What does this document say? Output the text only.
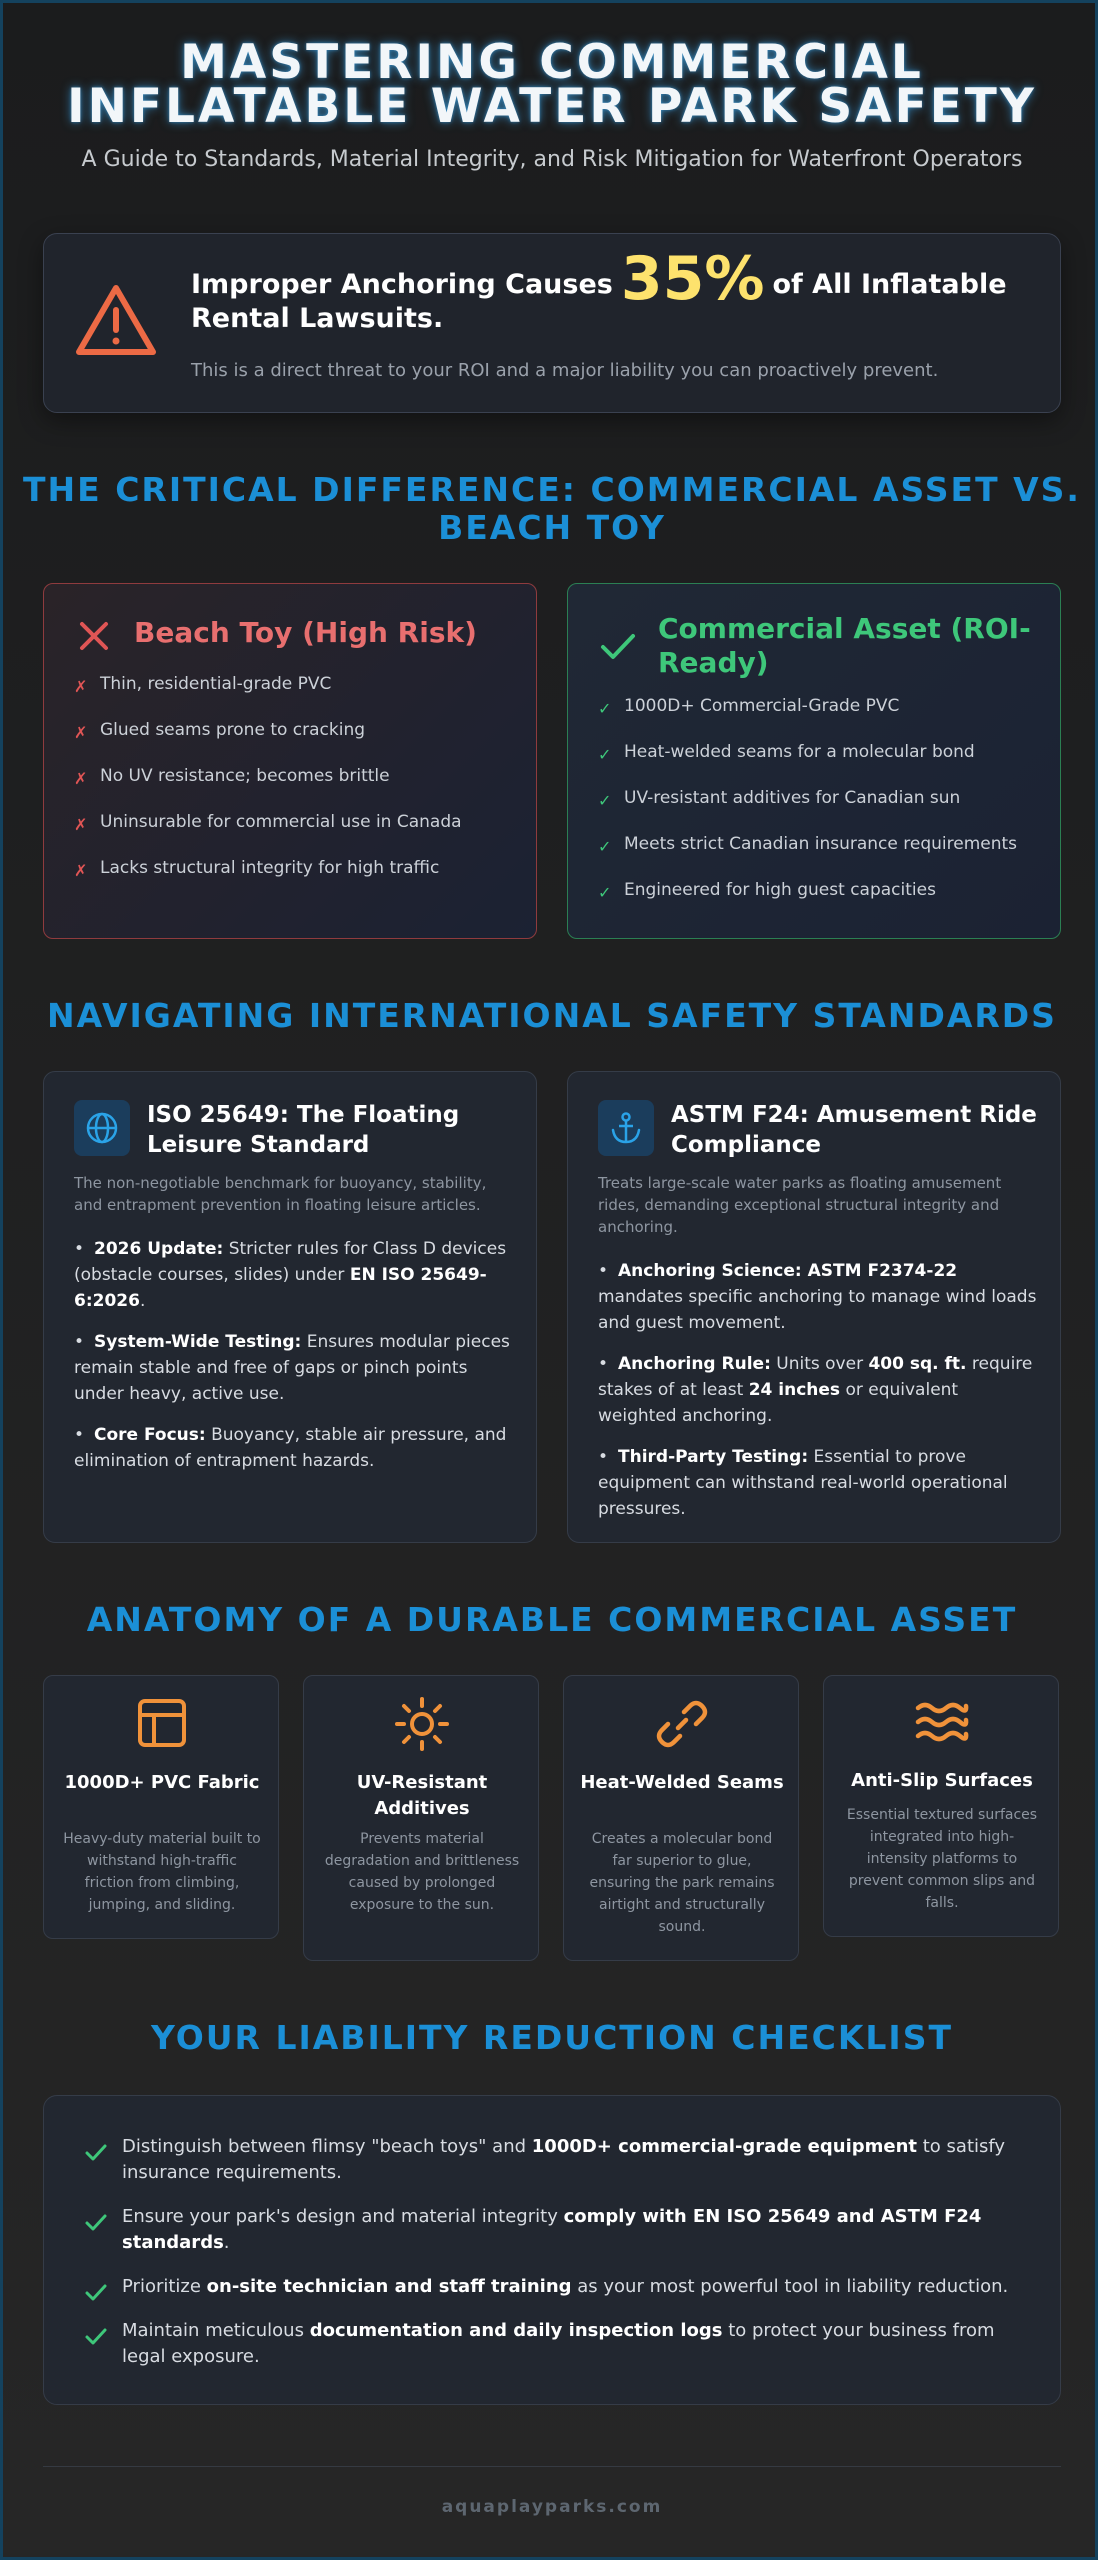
MASTERING COMMERCIAL INFLATABLE WATER PARK SAFETY

A Guide to Standards, Material Integrity, and Risk Mitigation for Waterfront Operators

Improper Anchoring Causes 35% of All Inflatable Rental Lawsuits.
This is a direct threat to your ROI and a major liability you can proactively prevent.
THE CRITICAL DIFFERENCE: COMMERCIAL ASSET VS. BEACH TOY
Beach Toy (High Risk)
✗ Thin, residential-grade PVC
✗ Glued seams prone to cracking
✗ No UV resistance; becomes brittle
✗ Uninsurable for commercial use in Canada
✗ Lacks structural integrity for high traffic
Commercial Asset (ROI-Ready)
✓ 1000D+ Commercial-Grade PVC
✓ Heat-welded seams for a molecular bond
✓ UV-resistant additives for Canadian sun
✓ Meets strict Canadian insurance requirements
✓ Engineered for high guest capacities
NAVIGATING INTERNATIONAL SAFETY STANDARDS
ISO 25649: The Floating Leisure Standard
The non-negotiable benchmark for buoyancy, stability, and entrapment prevention in floating leisure articles.
• 2026 Update: Stricter rules for Class D devices (obstacle courses, slides) under EN ISO 25649-6:2026.
• System-Wide Testing: Ensures modular pieces remain stable and free of gaps or pinch points under heavy, active use.
• Core Focus: Buoyancy, stable air pressure, and elimination of entrapment hazards.
ASTM F24: Amusement Ride Compliance
Treats large-scale water parks as floating amusement rides, demanding exceptional structural integrity and anchoring.
• Anchoring Science: ASTM F2374-22 mandates specific anchoring to manage wind loads and guest movement.
• Anchoring Rule: Units over 400 sq. ft. require stakes of at least 24 inches or equivalent weighted anchoring.
• Third-Party Testing: Essential to prove equipment can withstand real-world operational pressures.
ANATOMY OF A DURABLE COMMERCIAL ASSET
1000D+ PVC Fabric
Heavy-duty material built to withstand high-traffic friction from climbing, jumping, and sliding.
UV-Resistant Additives
Prevents material degradation and brittleness caused by prolonged exposure to the sun.
Heat-Welded Seams
Creates a molecular bond far superior to glue, ensuring the park remains airtight and structurally sound.
Anti-Slip Surfaces
Essential textured surfaces integrated into high-intensity platforms to prevent common slips and falls.
YOUR LIABILITY REDUCTION CHECKLIST

Distinguish between flimsy "beach toys" and 1000D+ commercial-grade equipment to satisfy insurance requirements.

Ensure your park's design and material integrity comply with EN ISO 25649 and ASTM F24 standards.

Prioritize on-site technician and staff training as your most powerful tool in liability reduction.

Maintain meticulous documentation and daily inspection logs to protect your business from legal exposure.

aquaplayparks.com
